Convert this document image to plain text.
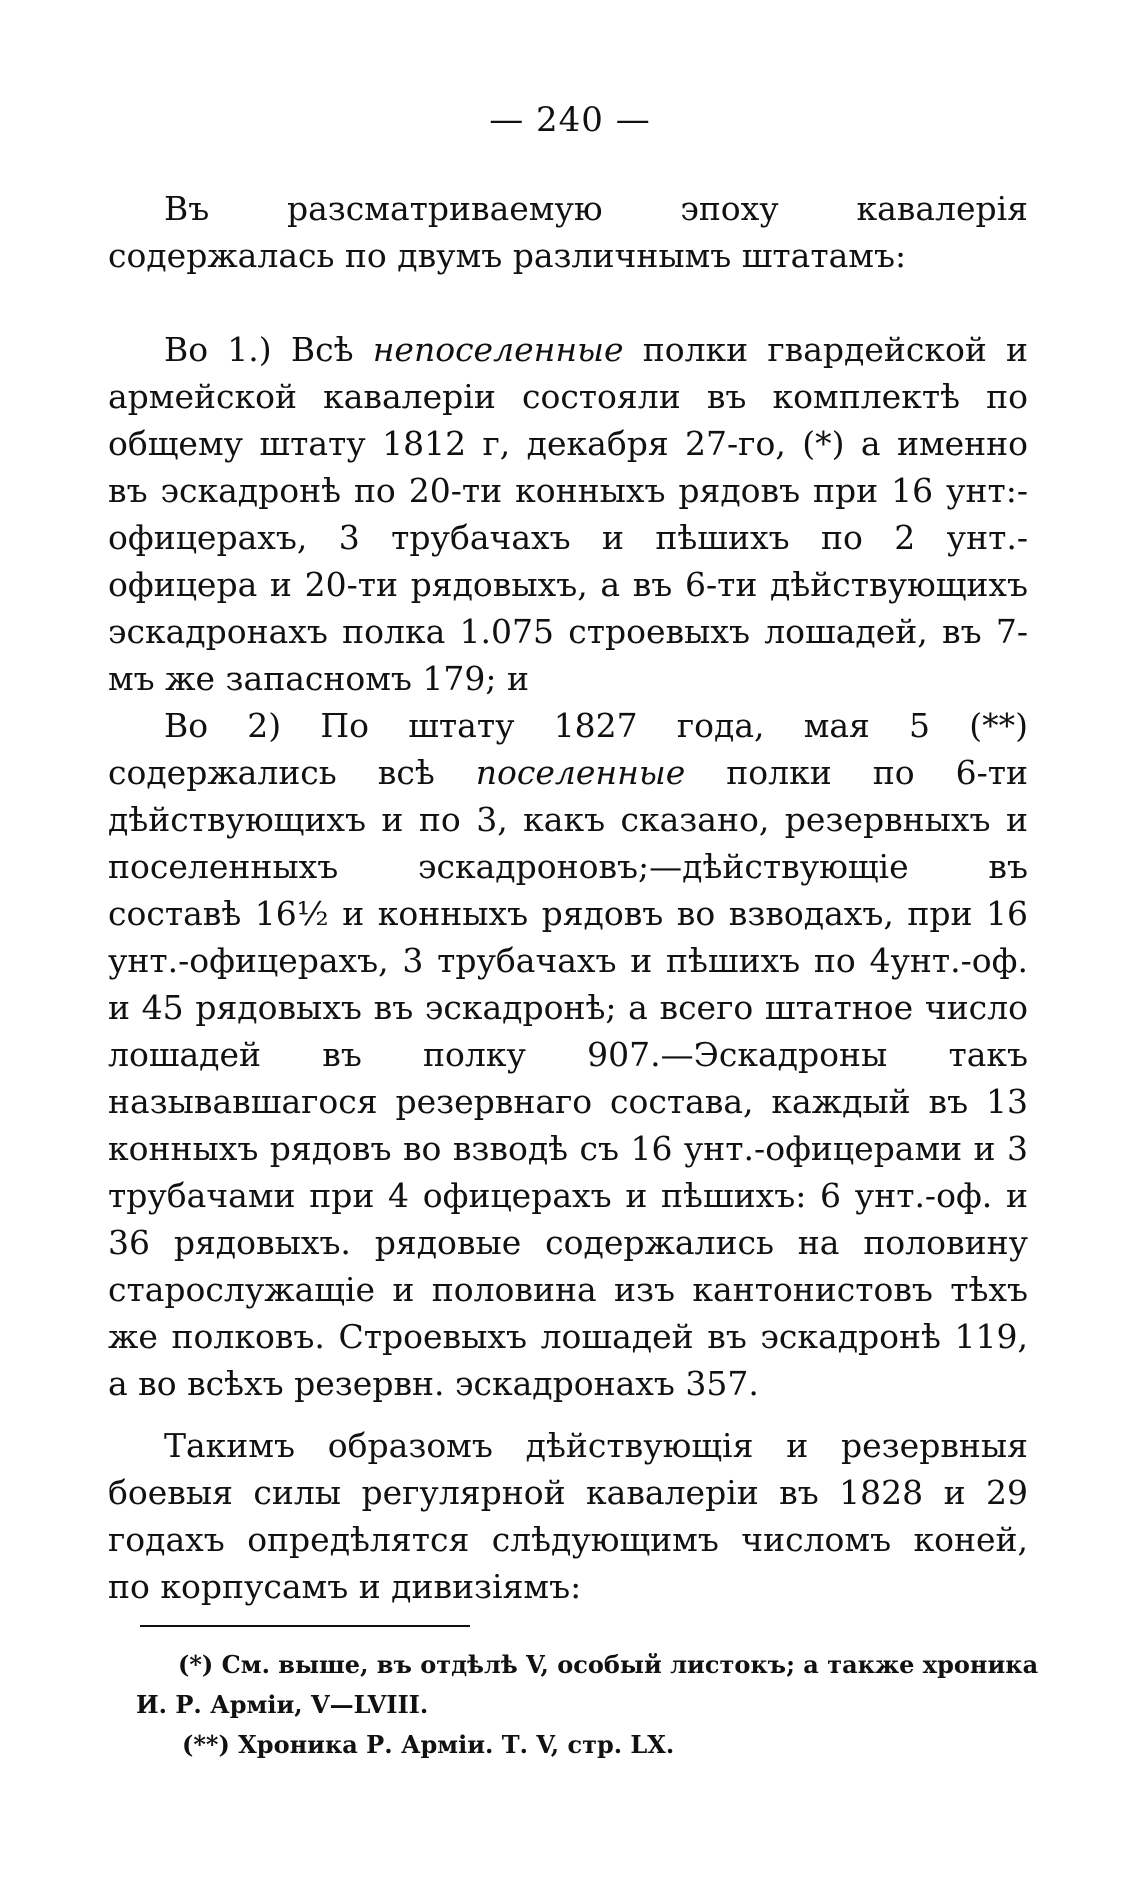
— 240 —

Въ разсматриваемую эпоху кавалерія содержалась по двумъ различнымъ штатамъ:

Во 1.) Всѣ непоселенные полки гвардейской и армейской кавалеріи состояли въ комплектѣ по общему штату 1812 г, декабря 27-го, (*) а именно въ эскадронѣ по 20-ти конныхъ рядовъ при 16 унт:-офицерахъ, 3 трубачахъ и пѣшихъ по 2 унт.-офицера и 20-ти рядовыхъ, а въ 6-ти дѣйствующихъ эскадронахъ полка 1.075 строевыхъ лошадей, въ 7-мъ же запасномъ 179; и

Во 2) По штату 1827 года, мая 5 (**) содержались всѣ поселенные полки по 6-ти дѣйствующихъ и по 3, какъ сказано, резервныхъ и поселенныхъ эскадроновъ;—дѣйствующіе въ составѣ 16½ и конныхъ рядовъ во взводахъ, при 16 унт.-офицерахъ, 3 трубачахъ и пѣшихъ по 4унт.-оф. и 45 рядовыхъ въ эскадронѣ; а всего штатное число лошадей въ полку 907.—Эскадроны такъ называвшагося резервнаго состава, каждый въ 13 конныхъ рядовъ во взводѣ съ 16 унт.-офицерами и 3 трубачами при 4 офицерахъ и пѣшихъ: 6 унт.-оф. и 36 рядовыхъ. рядовые содержались на половину старослужащіе и половина изъ кантонистовъ тѣхъ же полковъ. Строевыхъ лошадей въ эскадронѣ 119, а во всѣхъ резервн. эскадронахъ 357.

Такимъ образомъ дѣйствующія и резервныя боевыя силы регулярной кавалеріи въ 1828 и 29 годахъ опредѣлятся слѣдующимъ числомъ коней, по корпусамъ и дивизіямъ:

(*) См. выше, въ отдѣлѣ V, особый листокъ; а также хроника И. Р. Арміи, V—LVIII.

(**) Хроника Р. Арміи. Т. V, стр. LX.
